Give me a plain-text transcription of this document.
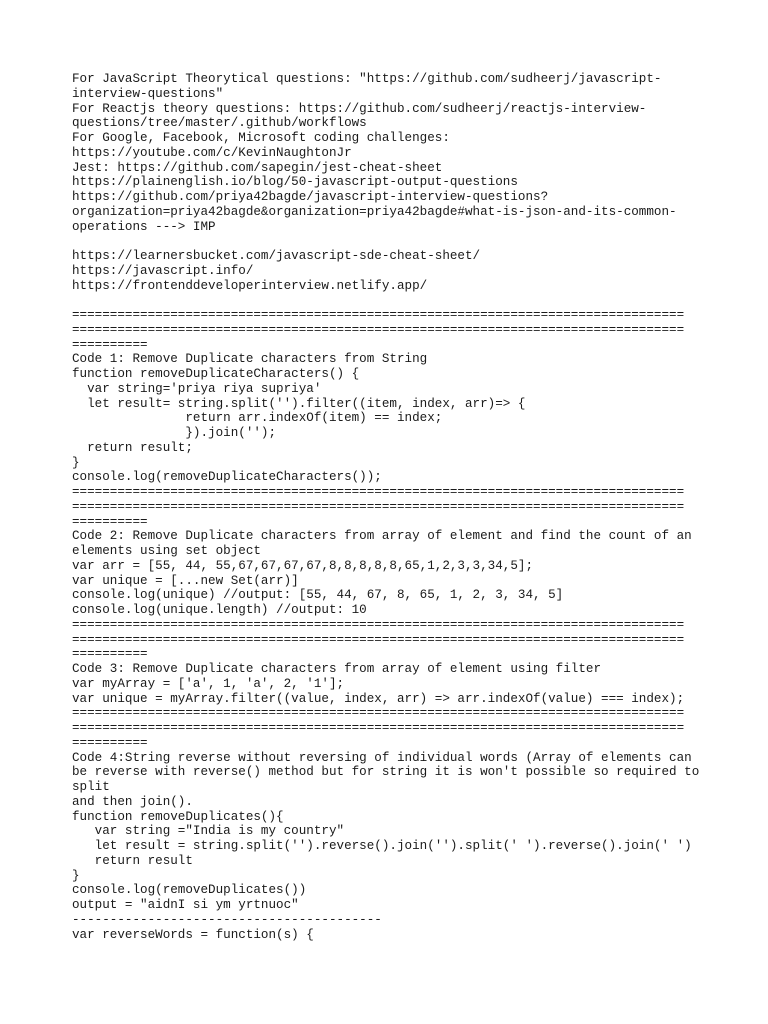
For JavaScript Theorytical questions: "https://github.com/sudheerj/javascript-
interview-questions"
For Reactjs theory questions: https://github.com/sudheerj/reactjs-interview-
questions/tree/master/.github/workflows
For Google, Facebook, Microsoft coding challenges:
https://youtube.com/c/KevinNaughtonJr
Jest: https://github.com/sapegin/jest-cheat-sheet
https://plainenglish.io/blog/50-javascript-output-questions
https://github.com/priya42bagde/javascript-interview-questions?
organization=priya42bagde&organization=priya42bagde#what-is-json-and-its-common-
operations ---> IMP
https://learnersbucket.com/javascript-sde-cheat-sheet/
https://javascript.info/
https://frontenddeveloperinterview.netlify.app/
=================================================================================
=================================================================================
==========
Code 1: Remove Duplicate characters from String
function removeDuplicateCharacters() {
var string='priya riya supriya'
let result= string.split('').filter((item, index, arr)=> {
return arr.indexOf(item) == index;
}).join('');
return result;
}
console.log(removeDuplicateCharacters());
=================================================================================
=================================================================================
==========
Code 2: Remove Duplicate characters from array of element and find the count of an
elements using set object
var arr = [55, 44, 55,67,67,67,67,8,8,8,8,8,65,1,2,3,3,34,5];
var unique = [...new Set(arr)]
console.log(unique) //output: [55, 44, 67, 8, 65, 1, 2, 3, 34, 5]
console.log(unique.length) //output: 10
=================================================================================
=================================================================================
==========
Code 3: Remove Duplicate characters from array of element using filter
var myArray = ['a', 1, 'a', 2, '1'];
var unique = myArray.filter((value, index, arr) => arr.indexOf(value) === index);
=================================================================================
=================================================================================
==========
Code 4:String reverse without reversing of individual words (Array of elements can
be reverse with reverse() method but for string it is won't possible so required to
split
and then join().
function removeDuplicates(){
var string ="India is my country"
let result = string.split('').reverse().join('').split(' ').reverse().join(' ')
return result
}
console.log(removeDuplicates())
output = "aidnI si ym yrtnuoc"
-----------------------------------------
var reverseWords = function(s) {
